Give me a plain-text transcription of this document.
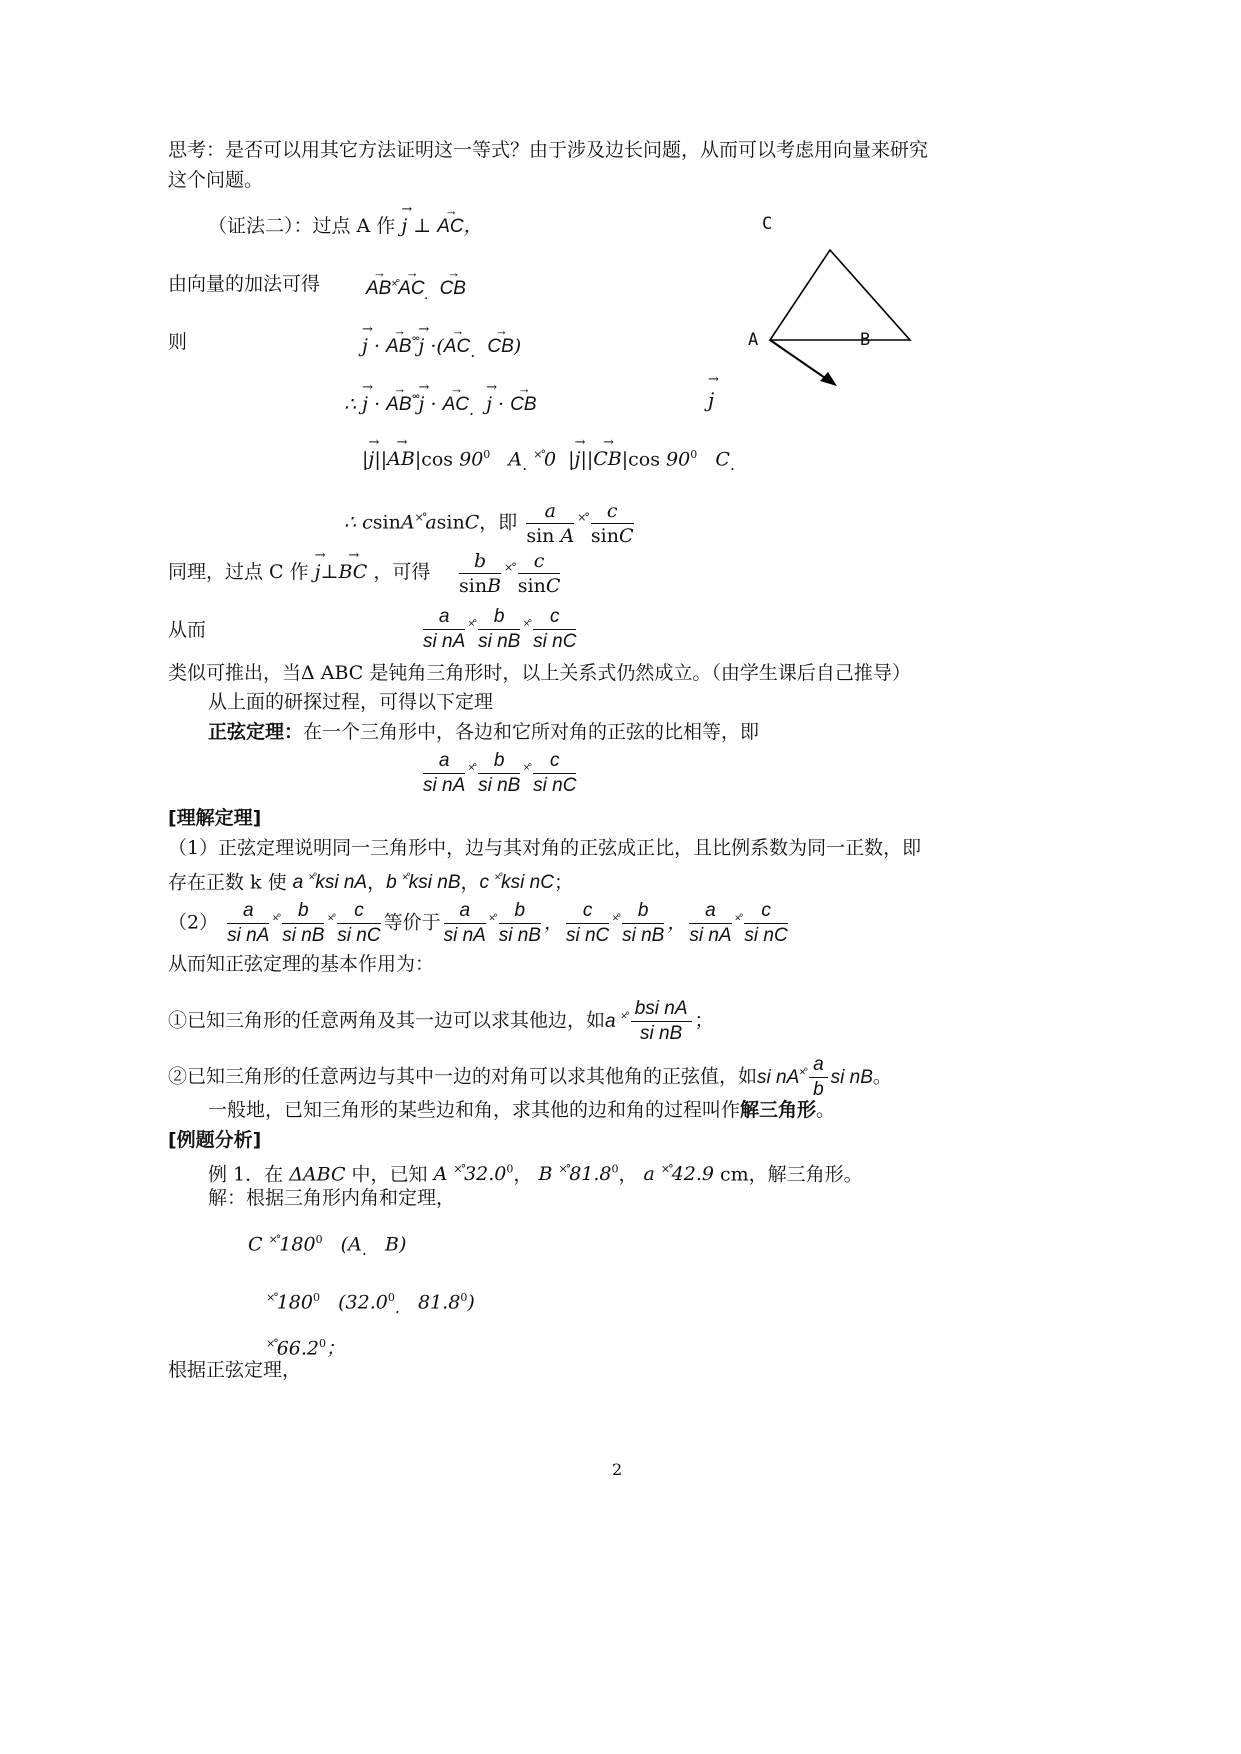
思考：是否可以用其它方法证明这一等式？由于涉及边长问题，从而可以考虑用向量来研究
这个问题。
（证法二）：过点 A 作 → j ⊥ → AC，
由向量的加法可得 → $AB^{\times^\circ}\to AC_.$ → CB
则	→ j · → AB°°→ j ·(→ $AC_. \to CB$)
∴ → j · → AB°°→ j · → $AC_. \to j$ · → CB
|→ j||→ AB|cos $90^0$ $A_.$ ×°0  |→ j||→ CB|cos $90^0$ $C_.$
∴ csinA×°asinC，即 $\frac{a}{\text{sin A}} ^{\times^\circ} \frac{c}{\sin C}$
同理，过点 C 作 → j⊥→ BC ，可得 $\frac{b}{\sin B} ^{\times^\circ} \frac{c}{\sin C}$
从而	$\frac{a}{\text{si nA}} ^{\times^\circ} \frac{b}{\text{si nB}} ^{\times^\circ} \frac{c}{\text{si nC}}$
类似可推出，当Δ ABC 是钝角三角形时，以上关系式仍然成立。（由学生课后自己推导）
从上面的研探过程，可得以下定理
正弦定理：在一个三角形中，各边和它所对角的正弦的比相等，即
$\frac{a}{\text{si nA}} ^{\times^\circ} \frac{b}{\text{si nB}} ^{\times^\circ} \frac{c}{\text{si nC}}$
[理解定理]
（1）正弦定理说明同一三角形中，边与其对角的正弦成正比，且比例系数为同一正数，即
存在正数 k 使 a ×°ksi nA，b ×°ksi nB，c ×°ksi nC；
$(2) \frac{a}{\text{si nA}} ^{\times^\circ} \frac{b}{\text{si nB}} ^{\times^\circ} \frac{c}{\text{si nC}}$ 等价于 $\frac{a}{\text{si nA}} ^{\times^\circ} \frac{b}{\text{si nB}}$ ， $\frac{c}{\text{si nC}} ^{\times^\circ} \frac{b}{\text{si nB}}$ ， $\frac{a}{\text{si nA}} ^{\times^\circ} \frac{c}{\text{si nC}}$
从而知正弦定理的基本作用为：
①已知三角形的任意两角及其一边可以求其他边，如a $^{\times^\circ} \frac{\text{bsi nA}}{\text{si nB}}$ ；
②已知三角形的任意两边与其中一边的对角可以求其他角的正弦值，如si $nA^{\times^\circ} \frac{a}{b}$ si nB。
一般地，已知三角形的某些边和角，求其他的边和角的过程叫作解三角形。
[例题分析]
例 1．在 ΔABC 中，已知 A ×°32.0$^0$， B ×°81.8$^0$， a ×°42.9 cm，解三角形。
解：根据三角形内角和定理，
C $^{\times^\circ}180^0$   ($A_.$ B)
$^{\times^\circ}180^0$   ($32.0^0_.$   81.8$^0$)
×°66.2$^0$；
根据正弦定理，
C
A	B
→ j
2
